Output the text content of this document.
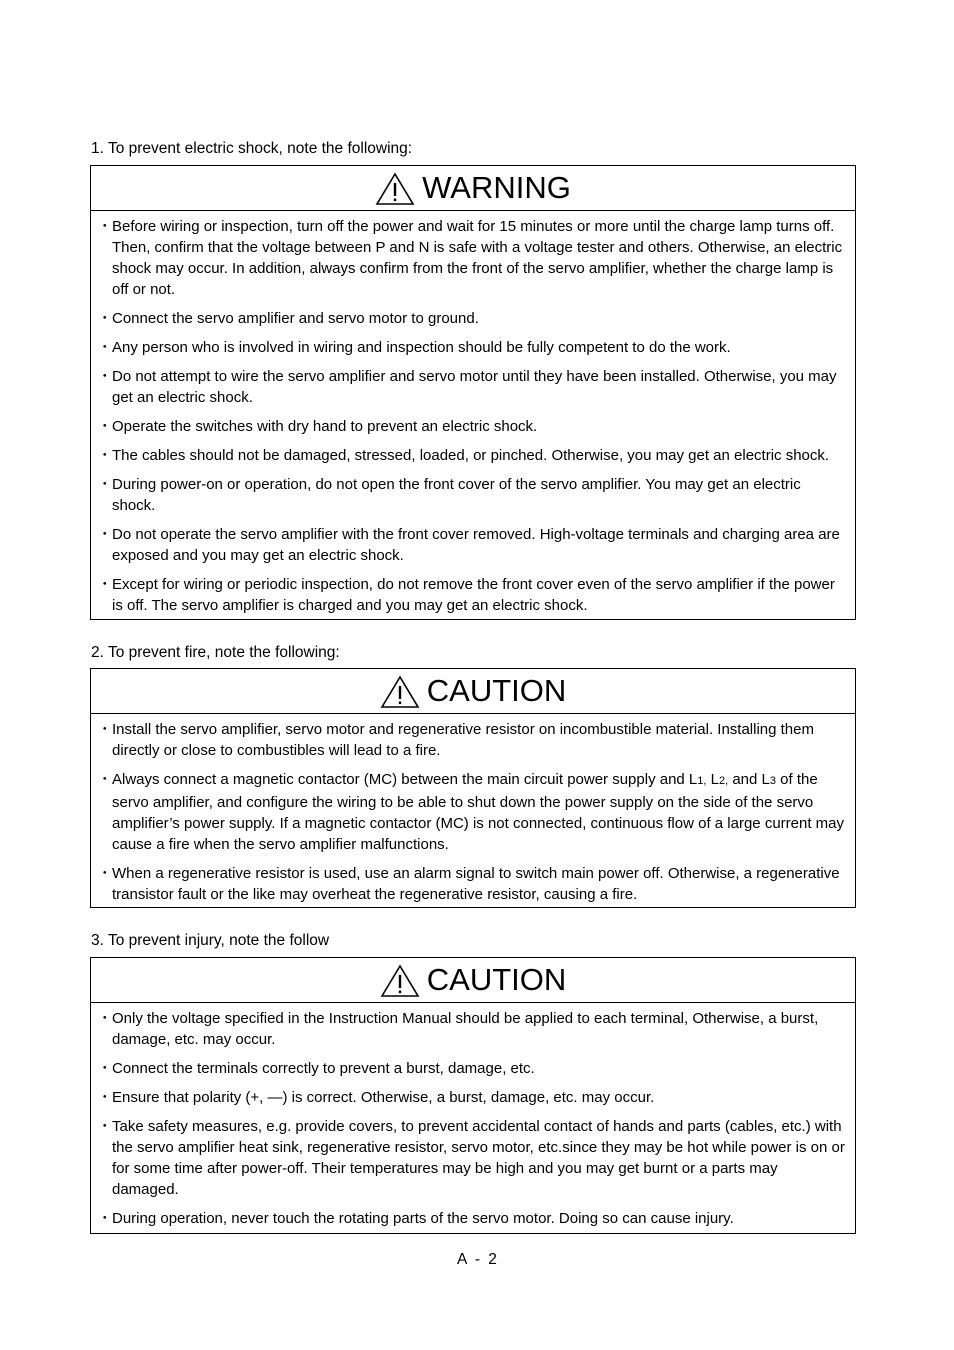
1. To prevent electric shock, note the following:
WARNING
･ Before wiring or inspection, turn off the power and wait for 15 minutes or more until the charge lamp turns off. Then, confirm that the voltage between P and N is safe with a voltage tester and others. Otherwise, an electric shock may occur. In addition, always confirm from the front of the servo amplifier, whether the charge lamp is off or not.
･ Connect the servo amplifier and servo motor to ground.
･ Any person who is involved in wiring and inspection should be fully competent to do the work.
･ Do not attempt to wire the servo amplifier and servo motor until they have been installed. Otherwise, you may get an electric shock.
･ Operate the switches with dry hand to prevent an electric shock.
･ The cables should not be damaged, stressed, loaded, or pinched. Otherwise, you may get an electric shock.
･ During power-on or operation, do not open the front cover of the servo amplifier. You may get an electric shock.
･ Do not operate the servo amplifier with the front cover removed. High-voltage terminals and charging area are exposed and you may get an electric shock.
･ Except for wiring or periodic inspection, do not remove the front cover even of the servo amplifier if the power is off. The servo amplifier is charged and you may get an electric shock.
2. To prevent fire, note the following:
CAUTION
･ Install the servo amplifier, servo motor and regenerative resistor on incombustible material. Installing them directly or close to combustibles will lead to a fire.
･ Always connect a magnetic contactor (MC) between the main circuit power supply and L1, L2, and L3 of the servo amplifier, and configure the wiring to be able to shut down the power supply on the side of the servo amplifier’s power supply. If a magnetic contactor (MC) is not connected, continuous flow of a large current may cause a fire when the servo amplifier malfunctions.
･ When a regenerative resistor is used, use an alarm signal to switch main power off. Otherwise, a regenerative transistor fault or the like may overheat the regenerative resistor, causing a fire.
3. To prevent injury, note the follow
CAUTION
･ Only the voltage specified in the Instruction Manual should be applied to each terminal, Otherwise, a burst, damage, etc. may occur.
･ Connect the terminals correctly to prevent a burst, damage, etc.
･ Ensure that polarity (+, ―) is correct. Otherwise, a burst, damage, etc. may occur.
･ Take safety measures, e.g. provide covers, to prevent accidental contact of hands and parts (cables, etc.) with the servo amplifier heat sink, regenerative resistor, servo motor, etc.since they may be hot while power is on or for some time after power-off. Their temperatures may be high and you may get burnt or a parts may damaged.
･ During operation, never touch the rotating parts of the servo motor. Doing so can cause injury.
A - 2
